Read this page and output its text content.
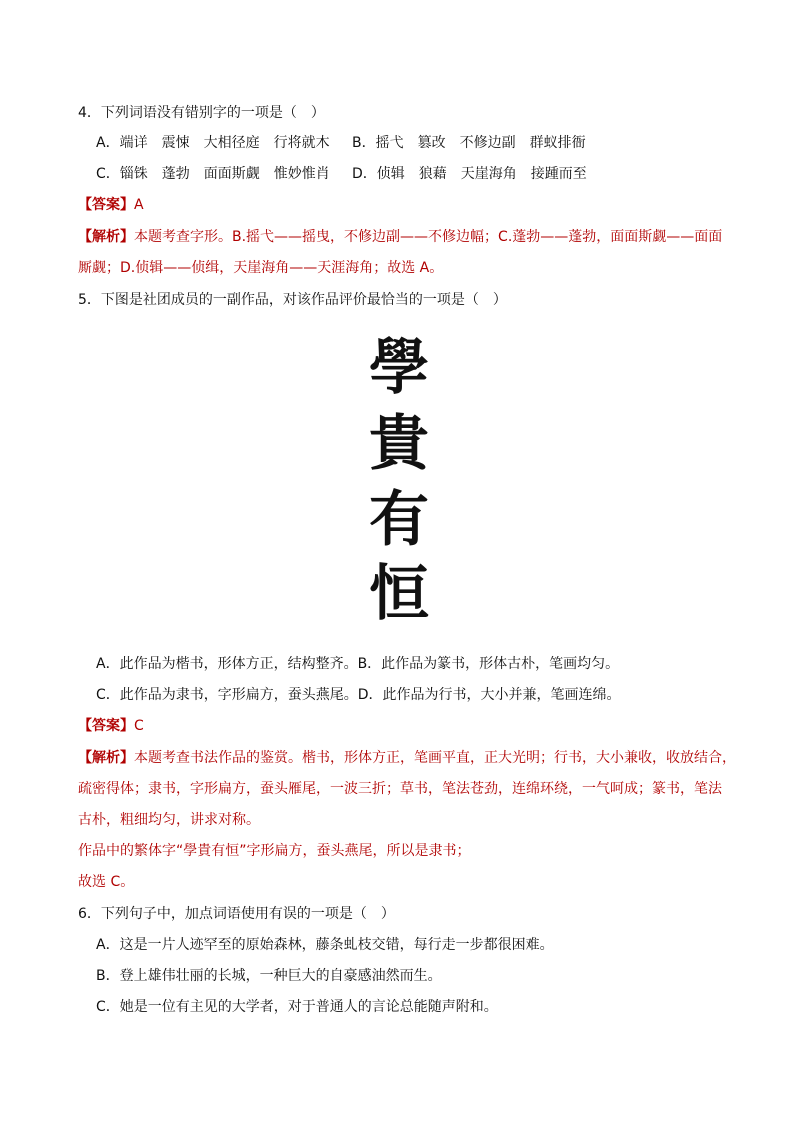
4．下列词语没有错别字的一项是（　）
A．端详　震悚　大相径庭　行将就木 B．摇弋　篡改　不修边副　群蚁排衙
C．锱铢　蓬勃　面面斯觑　惟妙惟肖 D．侦辑　狼藉　天崖海角　接踵而至
【答案】A
【解析】本题考查字形。B.摇弋——摇曳，不修边副——不修边幅；C.蓬勃——蓬勃，面面斯觑——面面
厮觑；D.侦辑——侦缉，天崖海角——天涯海角；故选 A。
5．下图是社团成员的一副作品，对该作品评价最恰当的一项是（　）
學
貴
有
恒
A．此作品为楷书，形体方正，结构整齐。B．此作品为篆书，形体古朴，笔画均匀。
C．此作品为隶书，字形扁方，蚕头燕尾。D．此作品为行书，大小并兼，笔画连绵。
【答案】C
【解析】本题考查书法作品的鉴赏。楷书，形体方正，笔画平直，正大光明；行书，大小兼收，收放结合，
疏密得体；隶书，字形扁方，蚕头雁尾，一波三折；草书，笔法苍劲，连绵环绕，一气呵成；篆书，笔法
古朴，粗细均匀，讲求对称。
作品中的繁体字“學貴有恒”字形扁方，蚕头燕尾，所以是隶书；
故选 C。
6．下列句子中，加点词语使用有误的一项是（　）
A．这是一片人迹罕至的原始森林，藤条虬枝交错，每行走一步都很困难。
B．登上雄伟壮丽的长城，一种巨大的自豪感油然而生。
C．她是一位有主见的大学者，对于普通人的言论总能随声附和。
